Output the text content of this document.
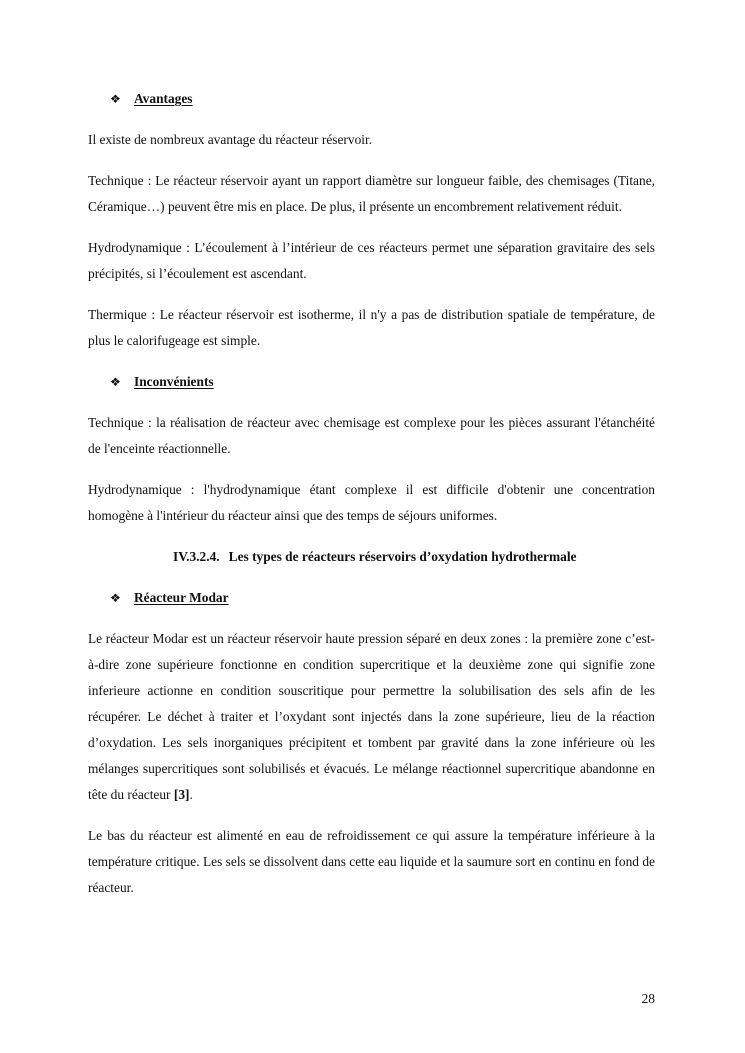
❖ Avantages

Il existe de nombreux avantage du réacteur réservoir.

Technique : Le réacteur réservoir ayant un rapport diamètre sur longueur faible, des chemisages (Titane, Céramique…) peuvent être mis en place. De plus, il présente un encombrement relativement réduit.

Hydrodynamique : L’écoulement à l’intérieur de ces réacteurs permet une séparation gravitaire des sels précipités, si l’écoulement est ascendant.

Thermique : Le réacteur réservoir est isotherme, il n'y a pas de distribution spatiale de température, de plus le calorifugeage est simple.

❖ Inconvénients

Technique : la réalisation de réacteur avec chemisage est complexe pour les pièces assurant l'étanchéité de l'enceinte réactionnelle.

Hydrodynamique : l'hydrodynamique étant complexe il est difficile d'obtenir une concentration homogène à l'intérieur du réacteur ainsi que des temps de séjours uniformes.

IV.3.2.4. Les types de réacteurs réservoirs d’oxydation hydrothermale
❖ Réacteur Modar

Le réacteur Modar est un réacteur réservoir haute pression séparé en deux zones : la première zone c’est-à-dire zone supérieure fonctionne en condition supercritique et la deuxième zone qui signifie zone inferieure actionne en condition souscritique pour permettre la solubilisation des sels afin de les récupérer. Le déchet à traiter et l’oxydant sont injectés dans la zone supérieure, lieu de la réaction d’oxydation. Les sels inorganiques précipitent et tombent par gravité dans la zone inférieure où les mélanges supercritiques sont solubilisés et évacués. Le mélange réactionnel supercritique abandonne en tête du réacteur [3].

Le bas du réacteur est alimenté en eau de refroidissement ce qui assure la température inférieure à la température critique. Les sels se dissolvent dans cette eau liquide et la saumure sort en continu en fond de réacteur.

28
